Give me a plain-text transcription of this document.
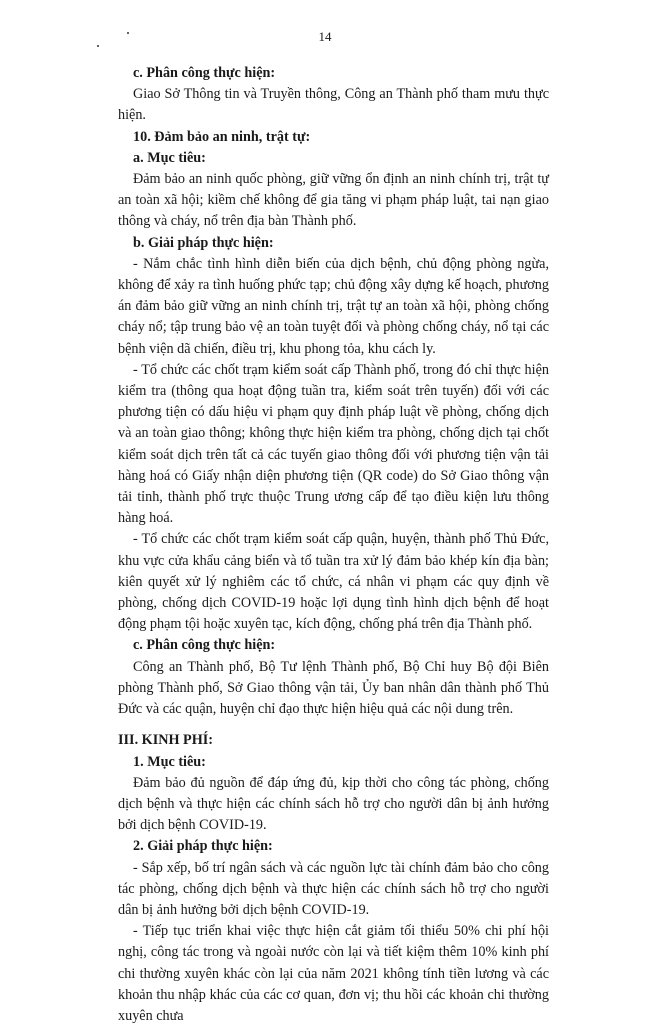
14
c. Phân công thực hiện:

Giao Sở Thông tin và Truyền thông, Công an Thành phố tham mưu thực hiện.

10. Đảm bảo an ninh, trật tự:
a. Mục tiêu:

Đảm bảo an ninh quốc phòng, giữ vững ổn định an ninh chính trị, trật tự an toàn xã hội; kiềm chế không để gia tăng vi phạm pháp luật, tai nạn giao thông và cháy, nổ trên địa bàn Thành phố.

b. Giải pháp thực hiện:

- Nắm chắc tình hình diễn biến của dịch bệnh, chủ động phòng ngừa, không để xảy ra tình huống phức tạp; chủ động xây dựng kế hoạch, phương án đảm bảo giữ vững an ninh chính trị, trật tự an toàn xã hội, phòng chống cháy nổ; tập trung bảo vệ an toàn tuyệt đối và phòng chống cháy, nổ tại các bệnh viện dã chiến, điều trị, khu phong tỏa, khu cách ly.

- Tổ chức các chốt trạm kiểm soát cấp Thành phố, trong đó chỉ thực hiện kiểm tra (thông qua hoạt động tuần tra, kiểm soát trên tuyến) đối với các phương tiện có dấu hiệu vi phạm quy định pháp luật về phòng, chống dịch và an toàn giao thông; không thực hiện kiểm tra phòng, chống dịch tại chốt kiểm soát dịch trên tất cả các tuyến giao thông đối với phương tiện vận tải hàng hoá có Giấy nhận diện phương tiện (QR code) do Sở Giao thông vận tải tỉnh, thành phố trực thuộc Trung ương cấp để tạo điều kiện lưu thông hàng hoá.

- Tổ chức các chốt trạm kiểm soát cấp quận, huyện, thành phố Thủ Đức, khu vực cửa khẩu cảng biển và tổ tuần tra xử lý đảm bảo khép kín địa bàn; kiên quyết xử lý nghiêm các tổ chức, cá nhân vi phạm các quy định về phòng, chống dịch COVID-19 hoặc lợi dụng tình hình dịch bệnh để hoạt động phạm tội hoặc xuyên tạc, kích động, chống phá trên địa Thành phố.

c. Phân công thực hiện:

Công an Thành phố, Bộ Tư lệnh Thành phố, Bộ Chỉ huy Bộ đội Biên phòng Thành phố, Sở Giao thông vận tải, Ủy ban nhân dân thành phố Thủ Đức và các quận, huyện chỉ đạo thực hiện hiệu quả các nội dung trên.

III. KINH PHÍ:
1. Mục tiêu:

Đảm bảo đủ nguồn để đáp ứng đủ, kịp thời cho công tác phòng, chống dịch bệnh và thực hiện các chính sách hỗ trợ cho người dân bị ảnh hưởng bởi dịch bệnh COVID-19.

2. Giải pháp thực hiện:

- Sắp xếp, bố trí ngân sách và các nguồn lực tài chính đảm bảo cho công tác phòng, chống dịch bệnh và thực hiện các chính sách hỗ trợ cho người dân bị ảnh hưởng bởi dịch bệnh COVID-19.

- Tiếp tục triển khai việc thực hiện cắt giảm tối thiểu 50% chi phí hội nghị, công tác trong và ngoài nước còn lại và tiết kiệm thêm 10% kinh phí chi thường xuyên khác còn lại của năm 2021 không tính tiền lương và các khoản thu nhập khác của các cơ quan, đơn vị; thu hồi các khoản chi thường xuyên chưa
